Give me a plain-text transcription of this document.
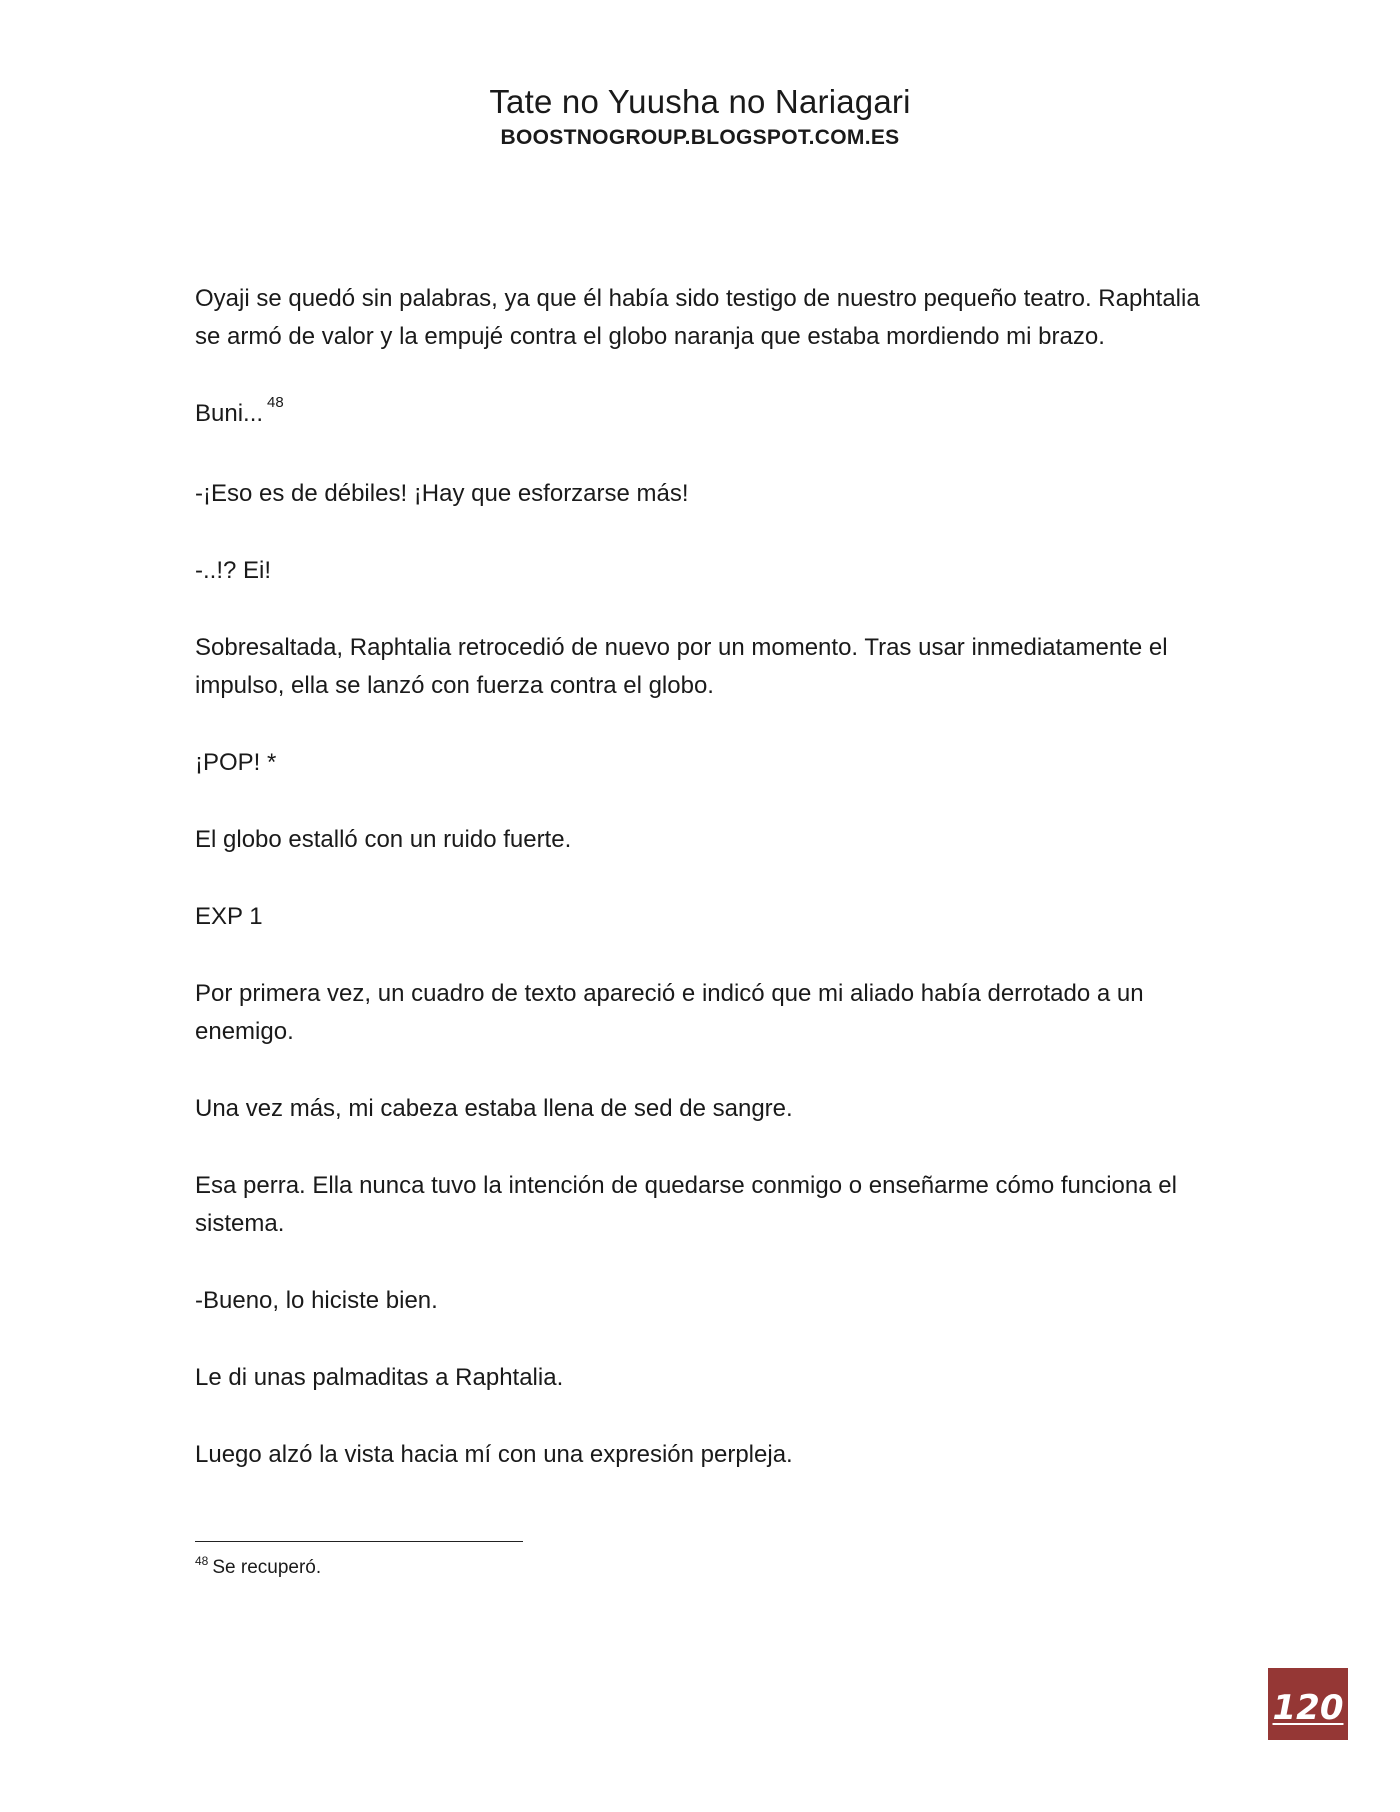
Tate no Yuusha no Nariagari
BOOSTNOGROUP.BLOGSPOT.COM.ES

Oyaji se quedó sin palabras, ya que él había sido testigo de nuestro pequeño teatro. Raphtalia se armó de valor y la empujé contra el globo naranja que estaba mordiendo mi brazo.

Buni... $^{48}$

-¡Eso es de débiles! ¡Hay que esforzarse más!

-..!? Ei!

Sobresaltada, Raphtalia retrocedió de nuevo por un momento. Tras usar inmediatamente el impulso, ella se lanzó con fuerza contra el globo.

¡POP! *

El globo estalló con un ruido fuerte.

EXP 1

Por primera vez, un cuadro de texto apareció e indicó que mi aliado había derrotado a un enemigo.

Una vez más, mi cabeza estaba llena de sed de sangre.

Esa perra. Ella nunca tuvo la intención de quedarse conmigo o enseñarme cómo funciona el sistema.

-Bueno, lo hiciste bien.

Le di unas palmaditas a Raphtalia.

Luego alzó la vista hacia mí con una expresión perpleja.

$^{48}$ Se recuperó.
120
